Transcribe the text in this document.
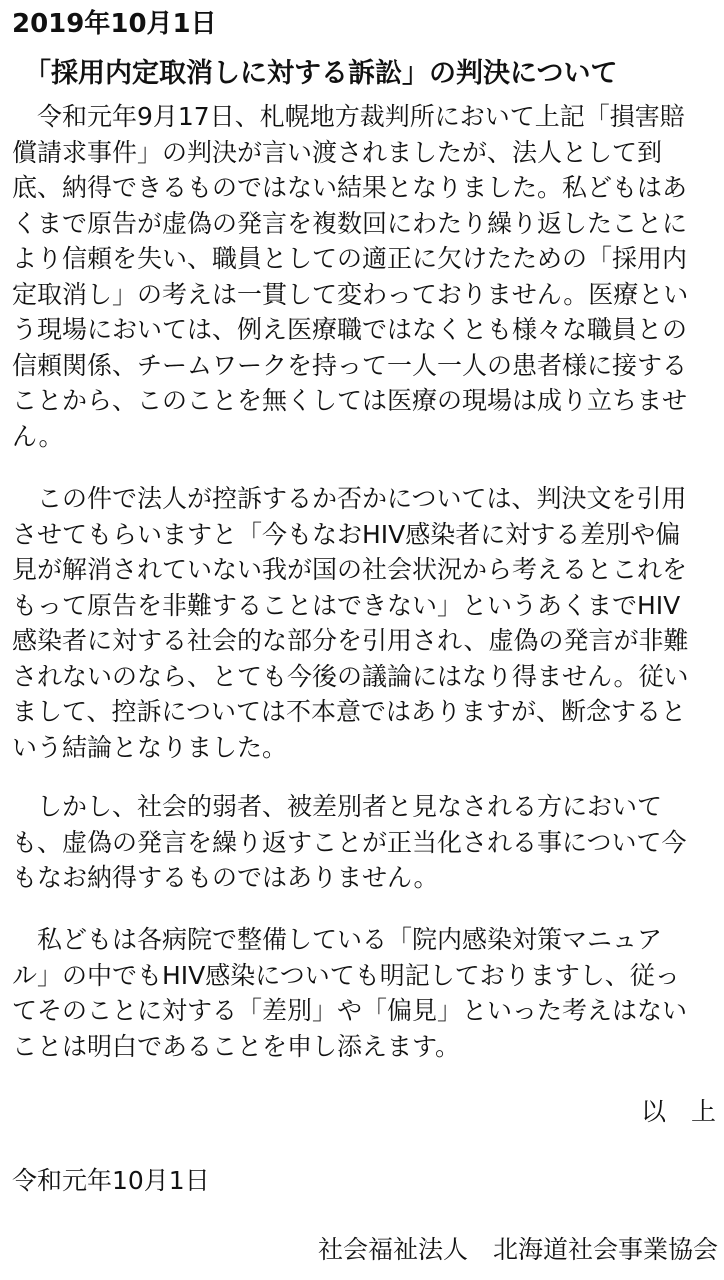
2019年10月1日
「採用内定取消しに対する訴訟」の判決について
　令和元年9月17日、札幌地方裁判所において上記「損害賠
償請求事件」の判決が言い渡されましたが、法人として到
底、納得できるものではない結果となりました。私どもはあ
くまで原告が虚偽の発言を複数回にわたり繰り返したことに
より信頼を失い、職員としての適正に欠けたための「採用内
定取消し」の考えは一貫して変わっておりません。医療とい
う現場においては、例え医療職ではなくとも様々な職員との
信頼関係、チームワークを持って一人一人の患者様に接する
ことから、このことを無くしては医療の現場は成り立ちませ
ん。
　この件で法人が控訴するか否かについては、判決文を引用
させてもらいますと「今もなおHIV感染者に対する差別や偏
見が解消されていない我が国の社会状況から考えるとこれを
もって原告を非難することはできない」というあくまでHIV
感染者に対する社会的な部分を引用され、虚偽の発言が非難
されないのなら、とても今後の議論にはなり得ません。従い
まして、控訴については不本意ではありますが、断念すると
いう結論となりました。
　しかし、社会的弱者、被差別者と見なされる方において
も、虚偽の発言を繰り返すことが正当化される事について今
もなお納得するものではありません。
　私どもは各病院で整備している「院内感染対策マニュア
ル」の中でもHIV感染についても明記しておりますし、従っ
てそのことに対する「差別」や「偏見」といった考えはない
ことは明白であることを申し添えます。
以　上
令和元年10月1日
社会福祉法人　北海道社会事業協会
